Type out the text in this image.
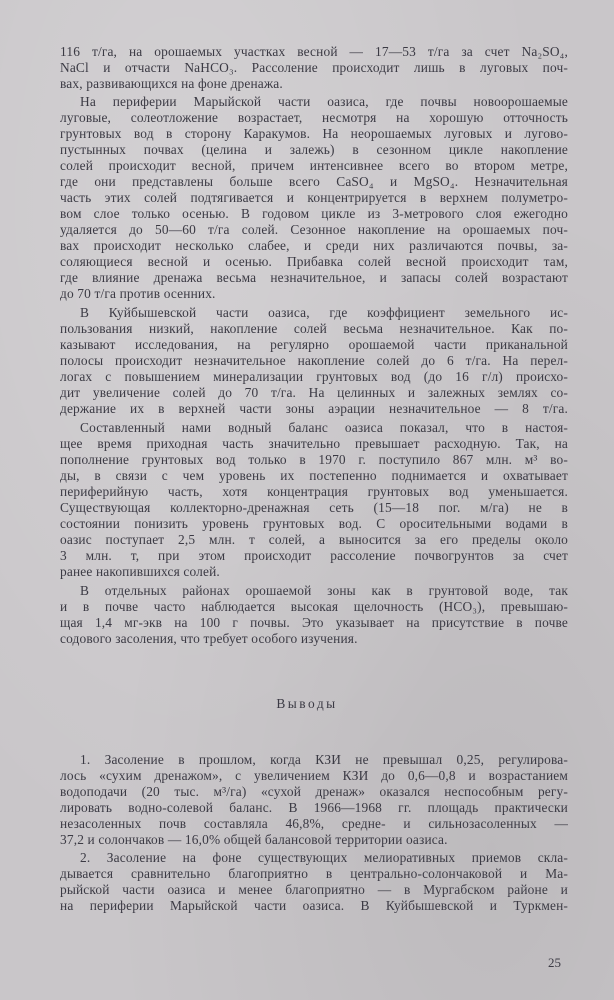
116 т/га, на орошаемых участках весной — 17—53 т/га за счет Na₂SO₄,
NaCl и отчасти NaHCO₃. Рассоление происходит лишь в луговых поч-
вах, развивающихся на фоне дренажа.
На периферии Марыйской части оазиса, где почвы новоорошаемые
луговые, солеотложение возрастает, несмотря на хорошую отточность
грунтовых вод в сторону Каракумов. На неорошаемых луговых и лугово-
пустынных почвах (целина и залежь) в сезонном цикле накопление
солей происходит весной, причем интенсивнее всего во втором метре,
где они представлены больше всего CaSO₄ и MgSO₄. Незначительная
часть этих солей подтягивается и концентрируется в верхнем полуметро-
вом слое только осенью. В годовом цикле из 3-метрового слоя ежегодно
удаляется до 50—60 т/га солей. Сезонное накопление на орошаемых поч-
вах происходит несколько слабее, и среди них различаются почвы, за-
соляющиеся весной и осенью. Прибавка солей весной происходит там,
где влияние дренажа весьма незначительное, и запасы солей возрастают
до 70 т/га против осенних.
В Куйбышевской части оазиса, где коэффициент земельного ис-
пользования низкий, накопление солей весьма незначительное. Как по-
казывают исследования, на регулярно орошаемой части приканальной
полосы происходит незначительное накопление солей до 6 т/га. На перел-
логах с повышением минерализации грунтовых вод (до 16 г/л) происхо-
дит увеличение солей до 70 т/га. На целинных и залежных землях со-
держание их в верхней части зоны аэрации незначительное — 8 т/га.
Составленный нами водный баланс оазиса показал, что в настоя-
щее время приходная часть значительно превышает расходную. Так, на
пополнение грунтовых вод только в 1970 г. поступило 867 млн. м³ во-
ды, в связи с чем уровень их постепенно поднимается и охватывает
периферийную часть, хотя концентрация грунтовых вод уменьшается.
Существующая коллекторно-дренажная сеть (15—18 пог. м/га) не в
состоянии понизить уровень грунтовых вод. С оросительными водами в
оазис поступает 2,5 млн. т солей, а выносится за его пределы около
3 млн. т, при этом происходит рассоление почвогрунтов за счет
ранее накопившихся солей.
В отдельных районах орошаемой зоны как в грунтовой воде, так
и в почве часто наблюдается высокая щелочность (HCO₃), превышаю-
щая 1,4 мг-экв на 100 г почвы. Это указывает на присутствие в почве
содового засоления, что требует особого изучения.
Выводы
1. Засоление в прошлом, когда КЗИ не превышал 0,25, регулирова-
лось «сухим дренажом», с увеличением КЗИ до 0,6—0,8 и возрастанием
водоподачи (20 тыс. м³/га) «сухой дренаж» оказался неспособным регу-
лировать водно-солевой баланс. В 1966—1968 гг. площадь практически
незасоленных почв составляла 46,8%, средне- и сильнозасоленных —
37,2 и солончаков — 16,0% общей балансовой территории оазиса.
2. Засоление на фоне существующих мелиоративных приемов скла-
дывается сравнительно благоприятно в центрально-солончаковой и Ма-
рыйской части оазиса и менее благоприятно — в Мургабском районе и
на периферии Марыйской части оазиса. В Куйбышевской и Туркмен-
25
